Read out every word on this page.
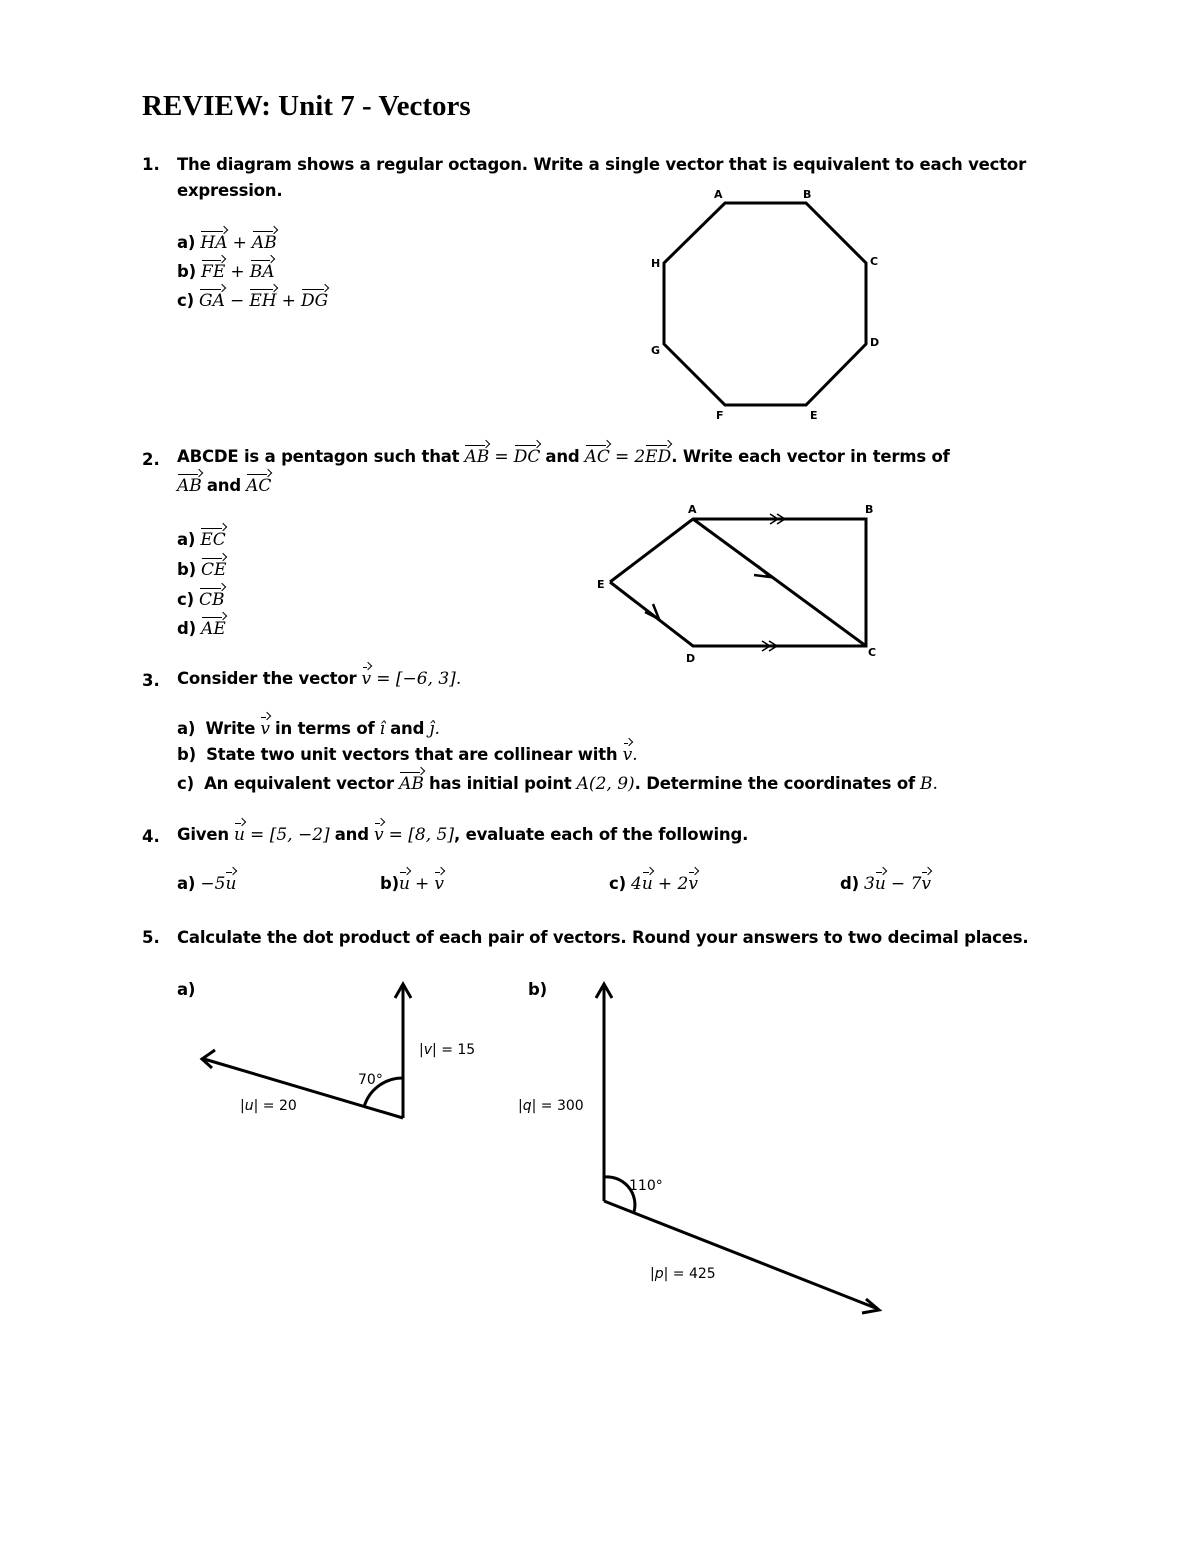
REVIEW: Unit 7 - Vectors
1. The diagram shows a regular octagon. Write a single vector that is equivalent to each vector
expression.
a) HA + AB
b) FE + BA
c) GA − EH + DG
2. ABCDE is a pentagon such that AB = DC and AC = 2ED. Write each vector in terms of
AB and AC
a) EC
b) CE
c) CB
d) AE
3. Consider the vector v = [−6, 3].
a) Write v in terms of î and ĵ.
b) State two unit vectors that are collinear with v.
c) An equivalent vector AB has initial point A(2, 9). Determine the coordinates of B.
4. Given u = [5, −2] and v = [8, 5], evaluate each of the following.
a) −5u	b)u + v	c) 4u + 2v	d) 3u − 7v
5. Calculate the dot product of each pair of vectors. Round your answers to two decimal places.
a)	b)
A	B
C
D
E
F
G
H
A	B
C
D
E
70°
|v| = 15
|u| = 20
110°
|q| = 300
|p| = 425
